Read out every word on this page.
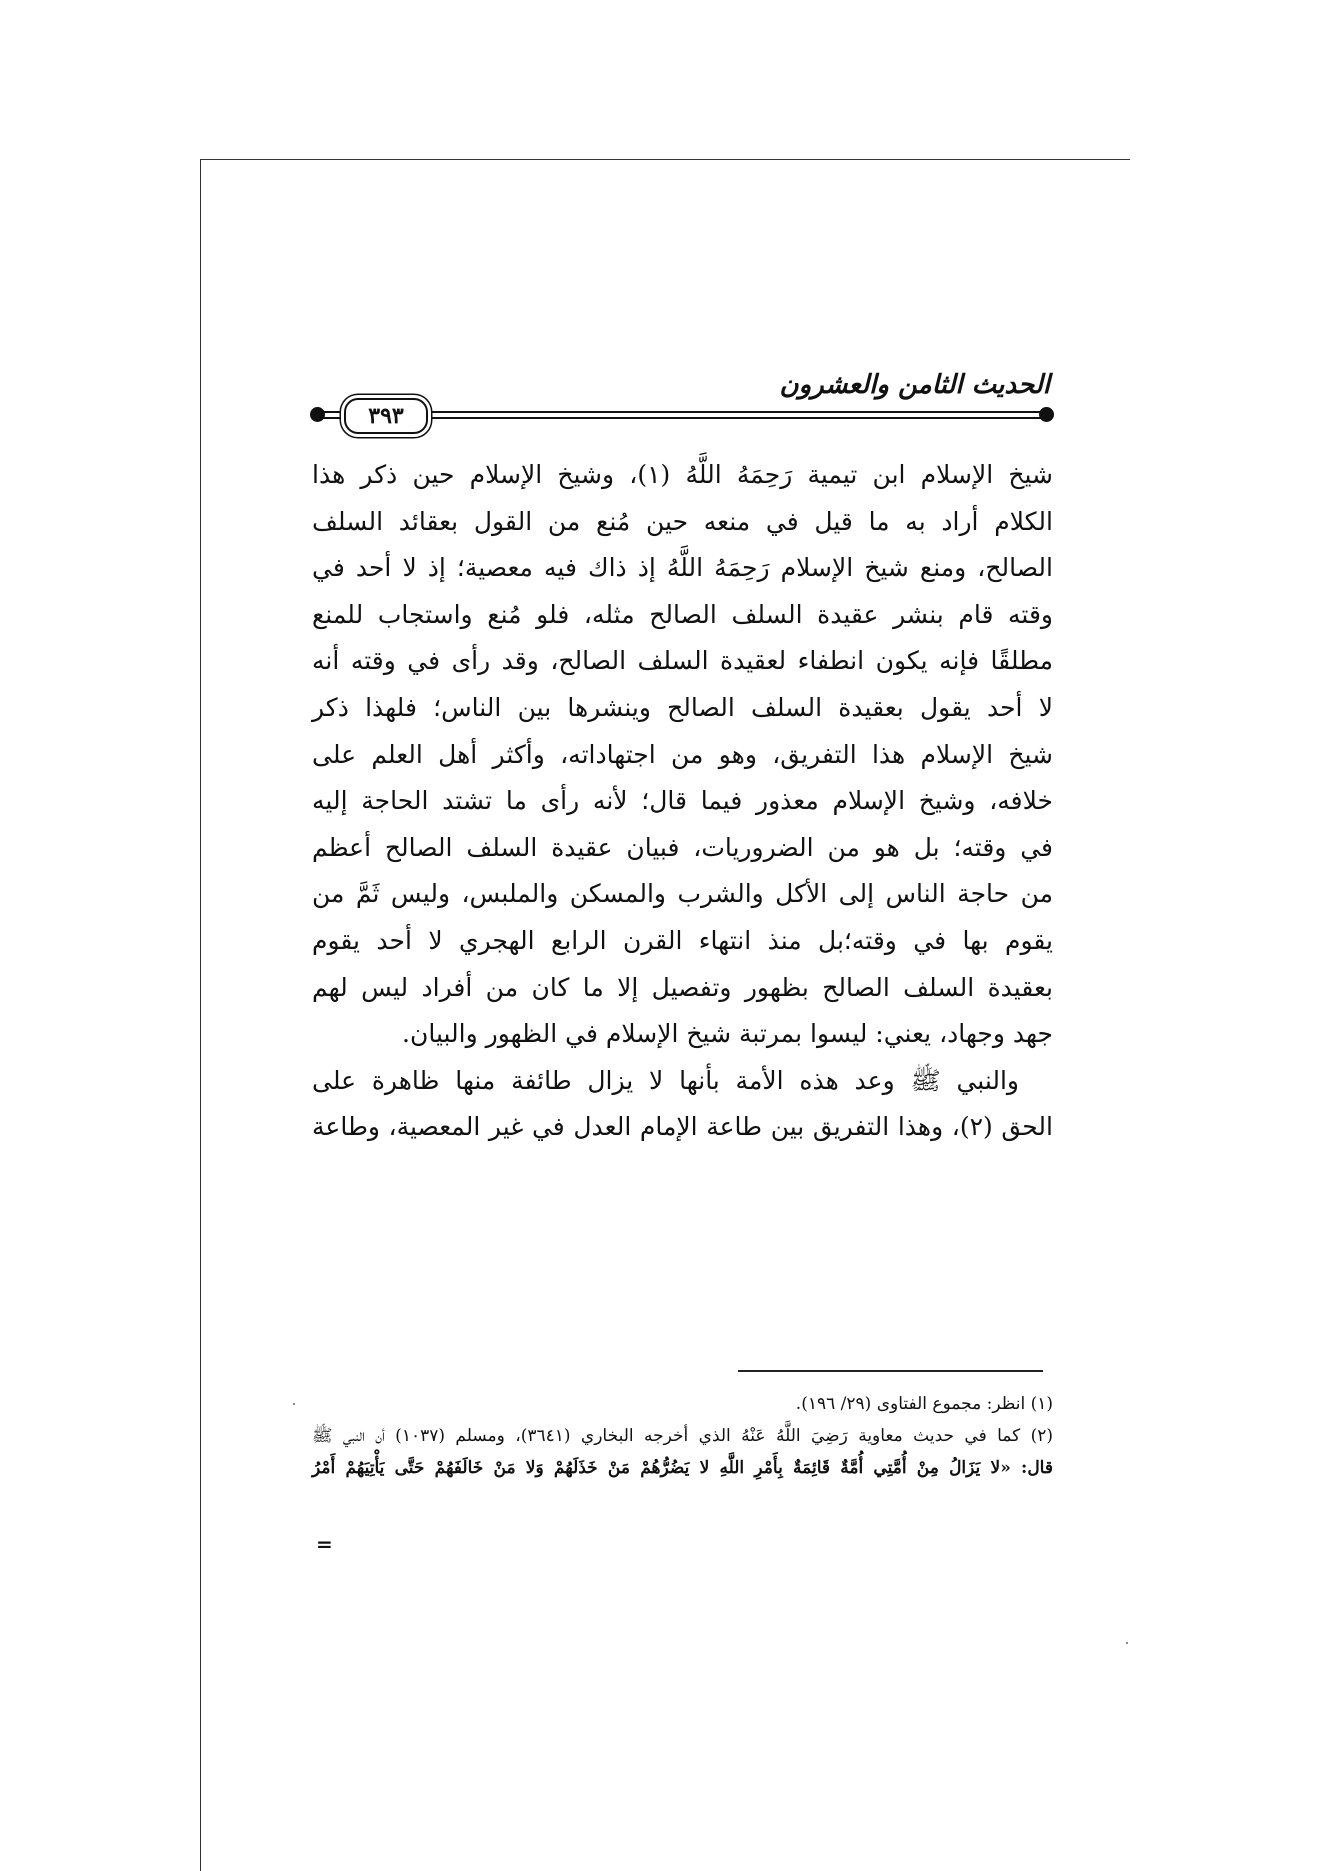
الحديث الثامن والعشرون
٣٩٣
شيخ الإسلام ابن تيمية رَحِمَهُ اللَّهُ (١)، وشيخ الإسلام حين ذكر هذا
الكلام أراد به ما قيل في منعه حين مُنع من القول بعقائد السلف
الصالح، ومنع شيخ الإسلام رَحِمَهُ اللَّهُ إذ ذاك فيه معصية؛ إذ لا أحد في
وقته قام بنشر عقيدة السلف الصالح مثله، فلو مُنع واستجاب للمنع
مطلقًا فإنه يكون انطفاء لعقيدة السلف الصالح، وقد رأى في وقته أنه
لا أحد يقول بعقيدة السلف الصالح وينشرها بين الناس؛ فلهذا ذكر
شيخ الإسلام هذا التفريق، وهو من اجتهاداته، وأكثر أهل العلم على
خلافه، وشيخ الإسلام معذور فيما قال؛ لأنه رأى ما تشتد الحاجة إليه
في وقته؛ بل هو من الضروريات، فبيان عقيدة السلف الصالح أعظم
من حاجة الناس إلى الأكل والشرب والمسكن والملبس، وليس ثَمَّ من
يقوم بها في وقته؛بل منذ انتهاء القرن الرابع الهجري لا أحد يقوم
بعقيدة السلف الصالح بظهور وتفصيل إلا ما كان من أفراد ليس لهم
جهد وجهاد، يعني: ليسوا بمرتبة شيخ الإسلام في الظهور والبيان.
والنبي ﷺ وعد هذه الأمة بأنها لا يزال طائفة منها ظاهرة على
الحق (٢)، وهذا التفريق بين طاعة الإمام العدل في غير المعصية، وطاعة
(١) انظر: مجموع الفتاوى (٢٩/ ١٩٦).
(٢) كما في حديث معاوية رَضِيَ اللَّهُ عَنْهُ الذي أخرجه البخاري (٣٦٤١)، ومسلم (١٠٣٧) أن النبي ﷺ
قال: «لا يَزَالُ مِنْ أُمَّتِي أُمَّةٌ قَائِمَةٌ بِأَمْرِ اللَّهِ لا يَضُرُّهُمْ مَنْ خَذَلَهُمْ وَلا مَنْ خَالَفَهُمْ حَتَّى يَأْتِيَهُمْ أَمْرُ
=
